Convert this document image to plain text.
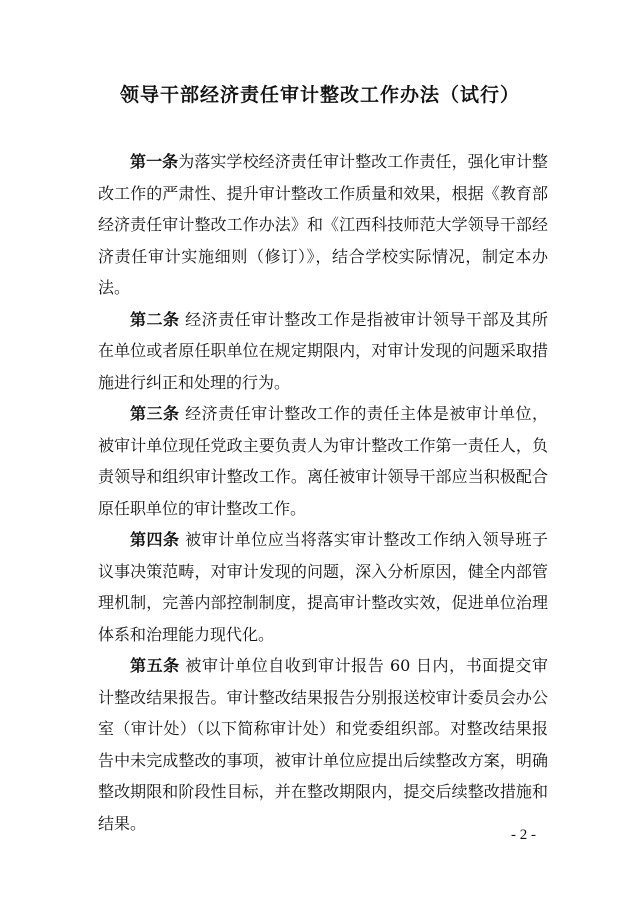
领导干部经济责任审计整改工作办法（试行）

第一条为落实学校经济责任审计整改工作责任，强化审计整改工作的严肃性、提升审计整改工作质量和效果，根据《教育部经济责任审计整改工作办法》和《江西科技师范大学领导干部经济责任审计实施细则（修订）》，结合学校实际情况，制定本办法。

第二条 经济责任审计整改工作是指被审计领导干部及其所在单位或者原任职单位在规定期限内，对审计发现的问题采取措施进行纠正和处理的行为。

第三条 经济责任审计整改工作的责任主体是被审计单位，被审计单位现任党政主要负责人为审计整改工作第一责任人，负责领导和组织审计整改工作。离任被审计领导干部应当积极配合原任职单位的审计整改工作。

第四条 被审计单位应当将落实审计整改工作纳入领导班子议事决策范畴，对审计发现的问题，深入分析原因，健全内部管理机制，完善内部控制制度，提高审计整改实效，促进单位治理体系和治理能力现代化。

第五条 被审计单位自收到审计报告 60 日内，书面提交审计整改结果报告。审计整改结果报告分别报送校审计委员会办公室（审计处）（以下简称审计处）和党委组织部。对整改结果报告中未完成整改的事项，被审计单位应提出后续整改方案，明确整改期限和阶段性目标，并在整改期限内，提交后续整改措施和结果。

- 2 -
